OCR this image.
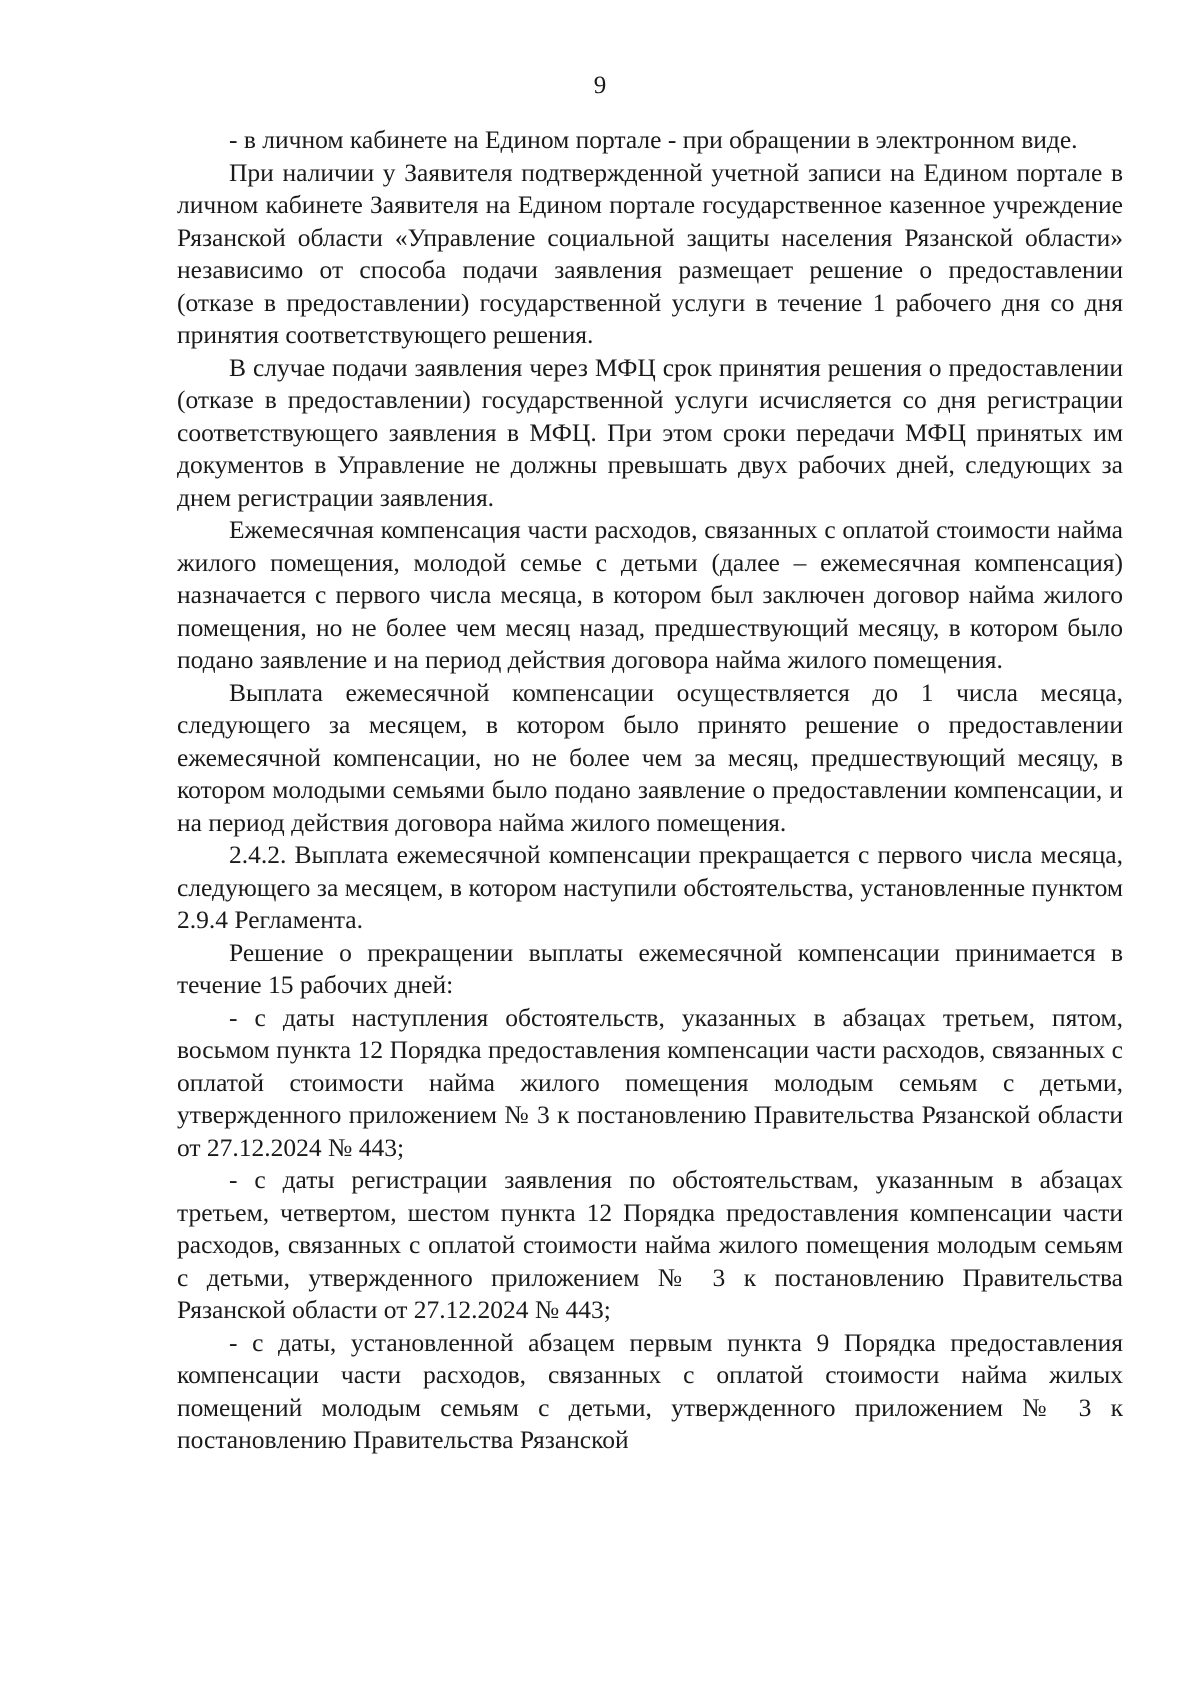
9

- в личном кабинете на Едином портале - при обращении в электронном виде.

При наличии у Заявителя подтвержденной учетной записи на Едином портале в личном кабинете Заявителя на Едином портале государственное казенное учреждение Рязанской области «Управление социальной защиты населения Рязанской области» независимо от способа подачи заявления размещает решение о предоставлении (отказе в предоставлении) государственной услуги в течение 1 рабочего дня со дня принятия соответствующего решения.

В случае подачи заявления через МФЦ срок принятия решения о предоставлении (отказе в предоставлении) государственной услуги исчисляется со дня регистрации соответствующего заявления в МФЦ. При этом сроки передачи МФЦ принятых им документов в Управление не должны превышать двух рабочих дней, следующих за днем регистрации заявления.

Ежемесячная компенсация части расходов, связанных с оплатой стоимости найма жилого помещения, молодой семье с детьми (далее – ежемесячная компенсация) назначается с первого числа месяца, в котором был заключен договор найма жилого помещения, но не более чем месяц назад, предшествующий месяцу, в котором было подано заявление и на период действия договора найма жилого помещения.

Выплата ежемесячной компенсации осуществляется до 1 числа месяца, следующего за месяцем, в котором было принято решение о предоставлении ежемесячной компенсации, но не более чем за месяц, предшествующий месяцу, в котором молодыми семьями было подано заявление о предоставлении компенсации, и на период действия договора найма жилого помещения.

2.4.2. Выплата ежемесячной компенсации прекращается с первого числа месяца, следующего за месяцем, в котором наступили обстоятельства, установленные пунктом 2.9.4 Регламента.

Решение о прекращении выплаты ежемесячной компенсации принимается в течение 15 рабочих дней:

- с даты наступления обстоятельств, указанных в абзацах третьем, пятом, восьмом пункта 12 Порядка предоставления компенсации части расходов, связанных с оплатой стоимости найма жилого помещения молодым семьям с детьми, утвержденного приложением № 3 к постановлению Правительства Рязанской области от 27.12.2024 № 443;

- с даты регистрации заявления по обстоятельствам, указанным в абзацах третьем, четвертом, шестом пункта 12 Порядка предоставления компенсации части расходов, связанных с оплатой стоимости найма жилого помещения молодым семьям с детьми, утвержденного приложением № 3 к постановлению Правительства Рязанской области от 27.12.2024 № 443;

- с даты, установленной абзацем первым пункта 9 Порядка предоставления компенсации части расходов, связанных с оплатой стоимости найма жилых помещений молодым семьям с детьми, утвержденного приложением № 3 к постановлению Правительства Рязанской
